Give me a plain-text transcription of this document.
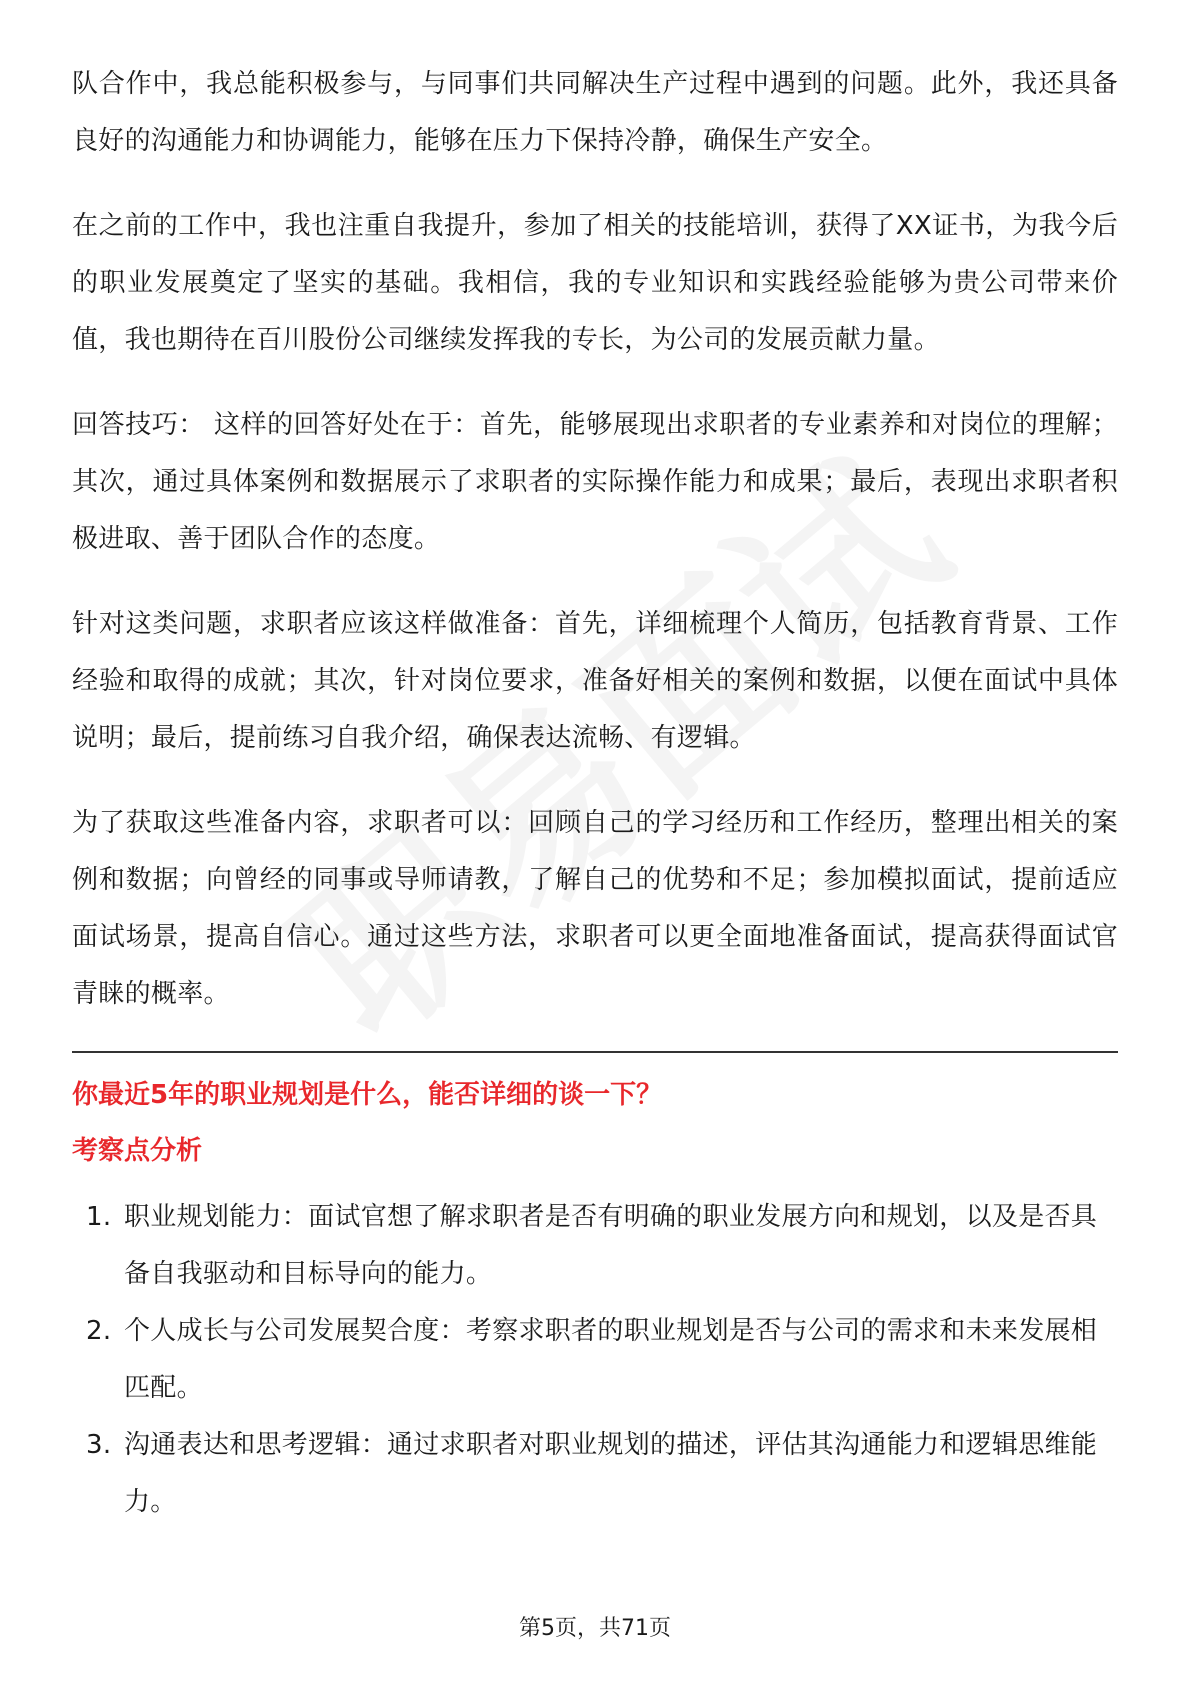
队合作中，我总能积极参与，与同事们共同解决生产过程中遇到的问题。此外，我还具备良好的沟通能力和协调能力，能够在压力下保持冷静，确保生产安全。

在之前的工作中，我也注重自我提升，参加了相关的技能培训，获得了XX证书，为我今后的职业发展奠定了坚实的基础。我相信，我的专业知识和实践经验能够为贵公司带来价值，我也期待在百川股份公司继续发挥我的专长，为公司的发展贡献力量。

回答技巧： 这样的回答好处在于：首先，能够展现出求职者的专业素养和对岗位的理解；其次，通过具体案例和数据展示了求职者的实际操作能力和成果；最后，表现出求职者积极进取、善于团队合作的态度。

针对这类问题，求职者应该这样做准备：首先，详细梳理个人简历，包括教育背景、工作经验和取得的成就；其次，针对岗位要求，准备好相关的案例和数据，以便在面试中具体说明；最后，提前练习自我介绍，确保表达流畅、有逻辑。

为了获取这些准备内容，求职者可以：回顾自己的学习经历和工作经历，整理出相关的案例和数据；向曾经的同事或导师请教，了解自己的优势和不足；参加模拟面试，提前适应面试场景，提高自信心。通过这些方法，求职者可以更全面地准备面试，提高获得面试官青睐的概率。

你最近5年的职业规划是什么，能否详细的谈一下？
考察点分析
1. 职业规划能力：面试官想了解求职者是否有明确的职业发展方向和规划，以及是否具备自我驱动和目标导向的能力。
2. 个人成长与公司发展契合度：考察求职者的职业规划是否与公司的需求和未来发展相匹配。
3. 沟通表达和思考逻辑：通过求职者对职业规划的描述，评估其沟通能力和逻辑思维能力。
第5页，共71页
